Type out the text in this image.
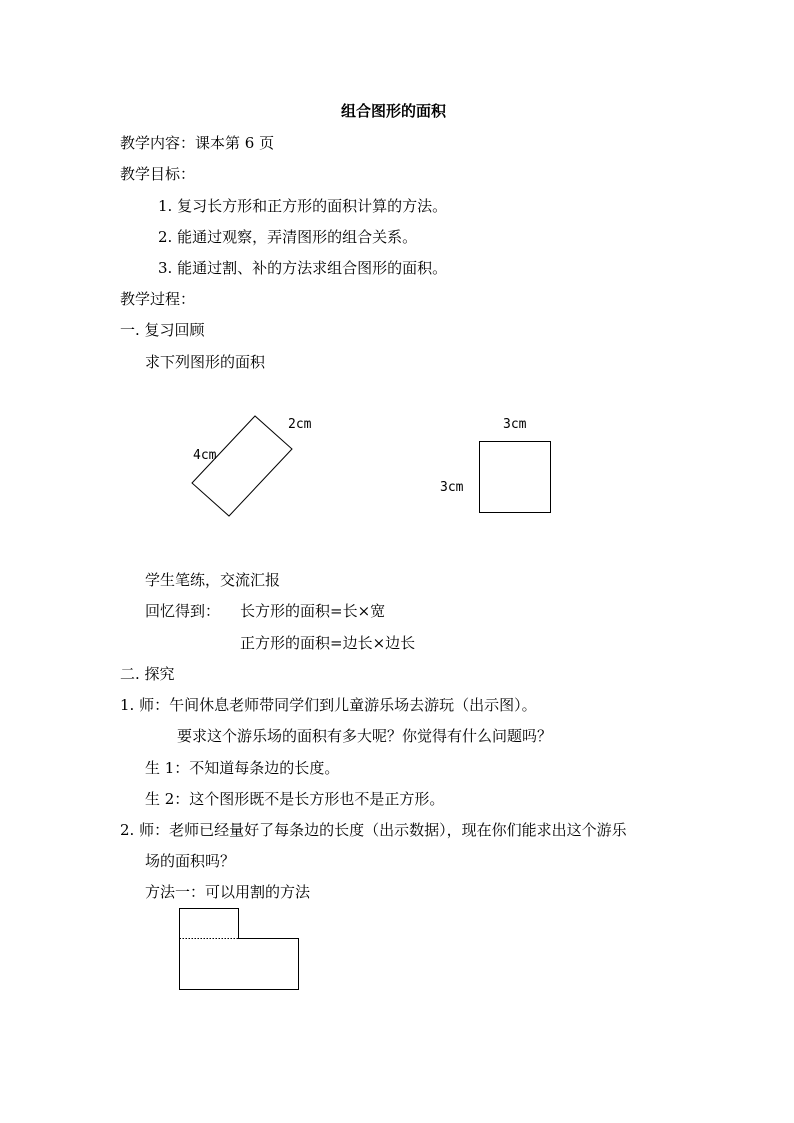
组合图形的面积
教学内容：课本第 6 页
教学目标：
1. 复习长方形和正方形的面积计算的方法。
2. 能通过观察，弄清图形的组合关系。
3. 能通过割、补的方法求组合图形的面积。
教学过程：
一. 复习回顾
求下列图形的面积
2cm
4cm
3cm
3cm
学生笔练，交流汇报
回忆得到： 长方形的面积=长×宽
正方形的面积=边长×边长
二. 探究
1. 师：午间休息老师带同学们到儿童游乐场去游玩（出示图）。
要求这个游乐场的面积有多大呢？你觉得有什么问题吗？
生 1：不知道每条边的长度。
生 2：这个图形既不是长方形也不是正方形。
2. 师：老师已经量好了每条边的长度（出示数据），现在你们能求出这个游乐
场的面积吗？
方法一：可以用割的方法
